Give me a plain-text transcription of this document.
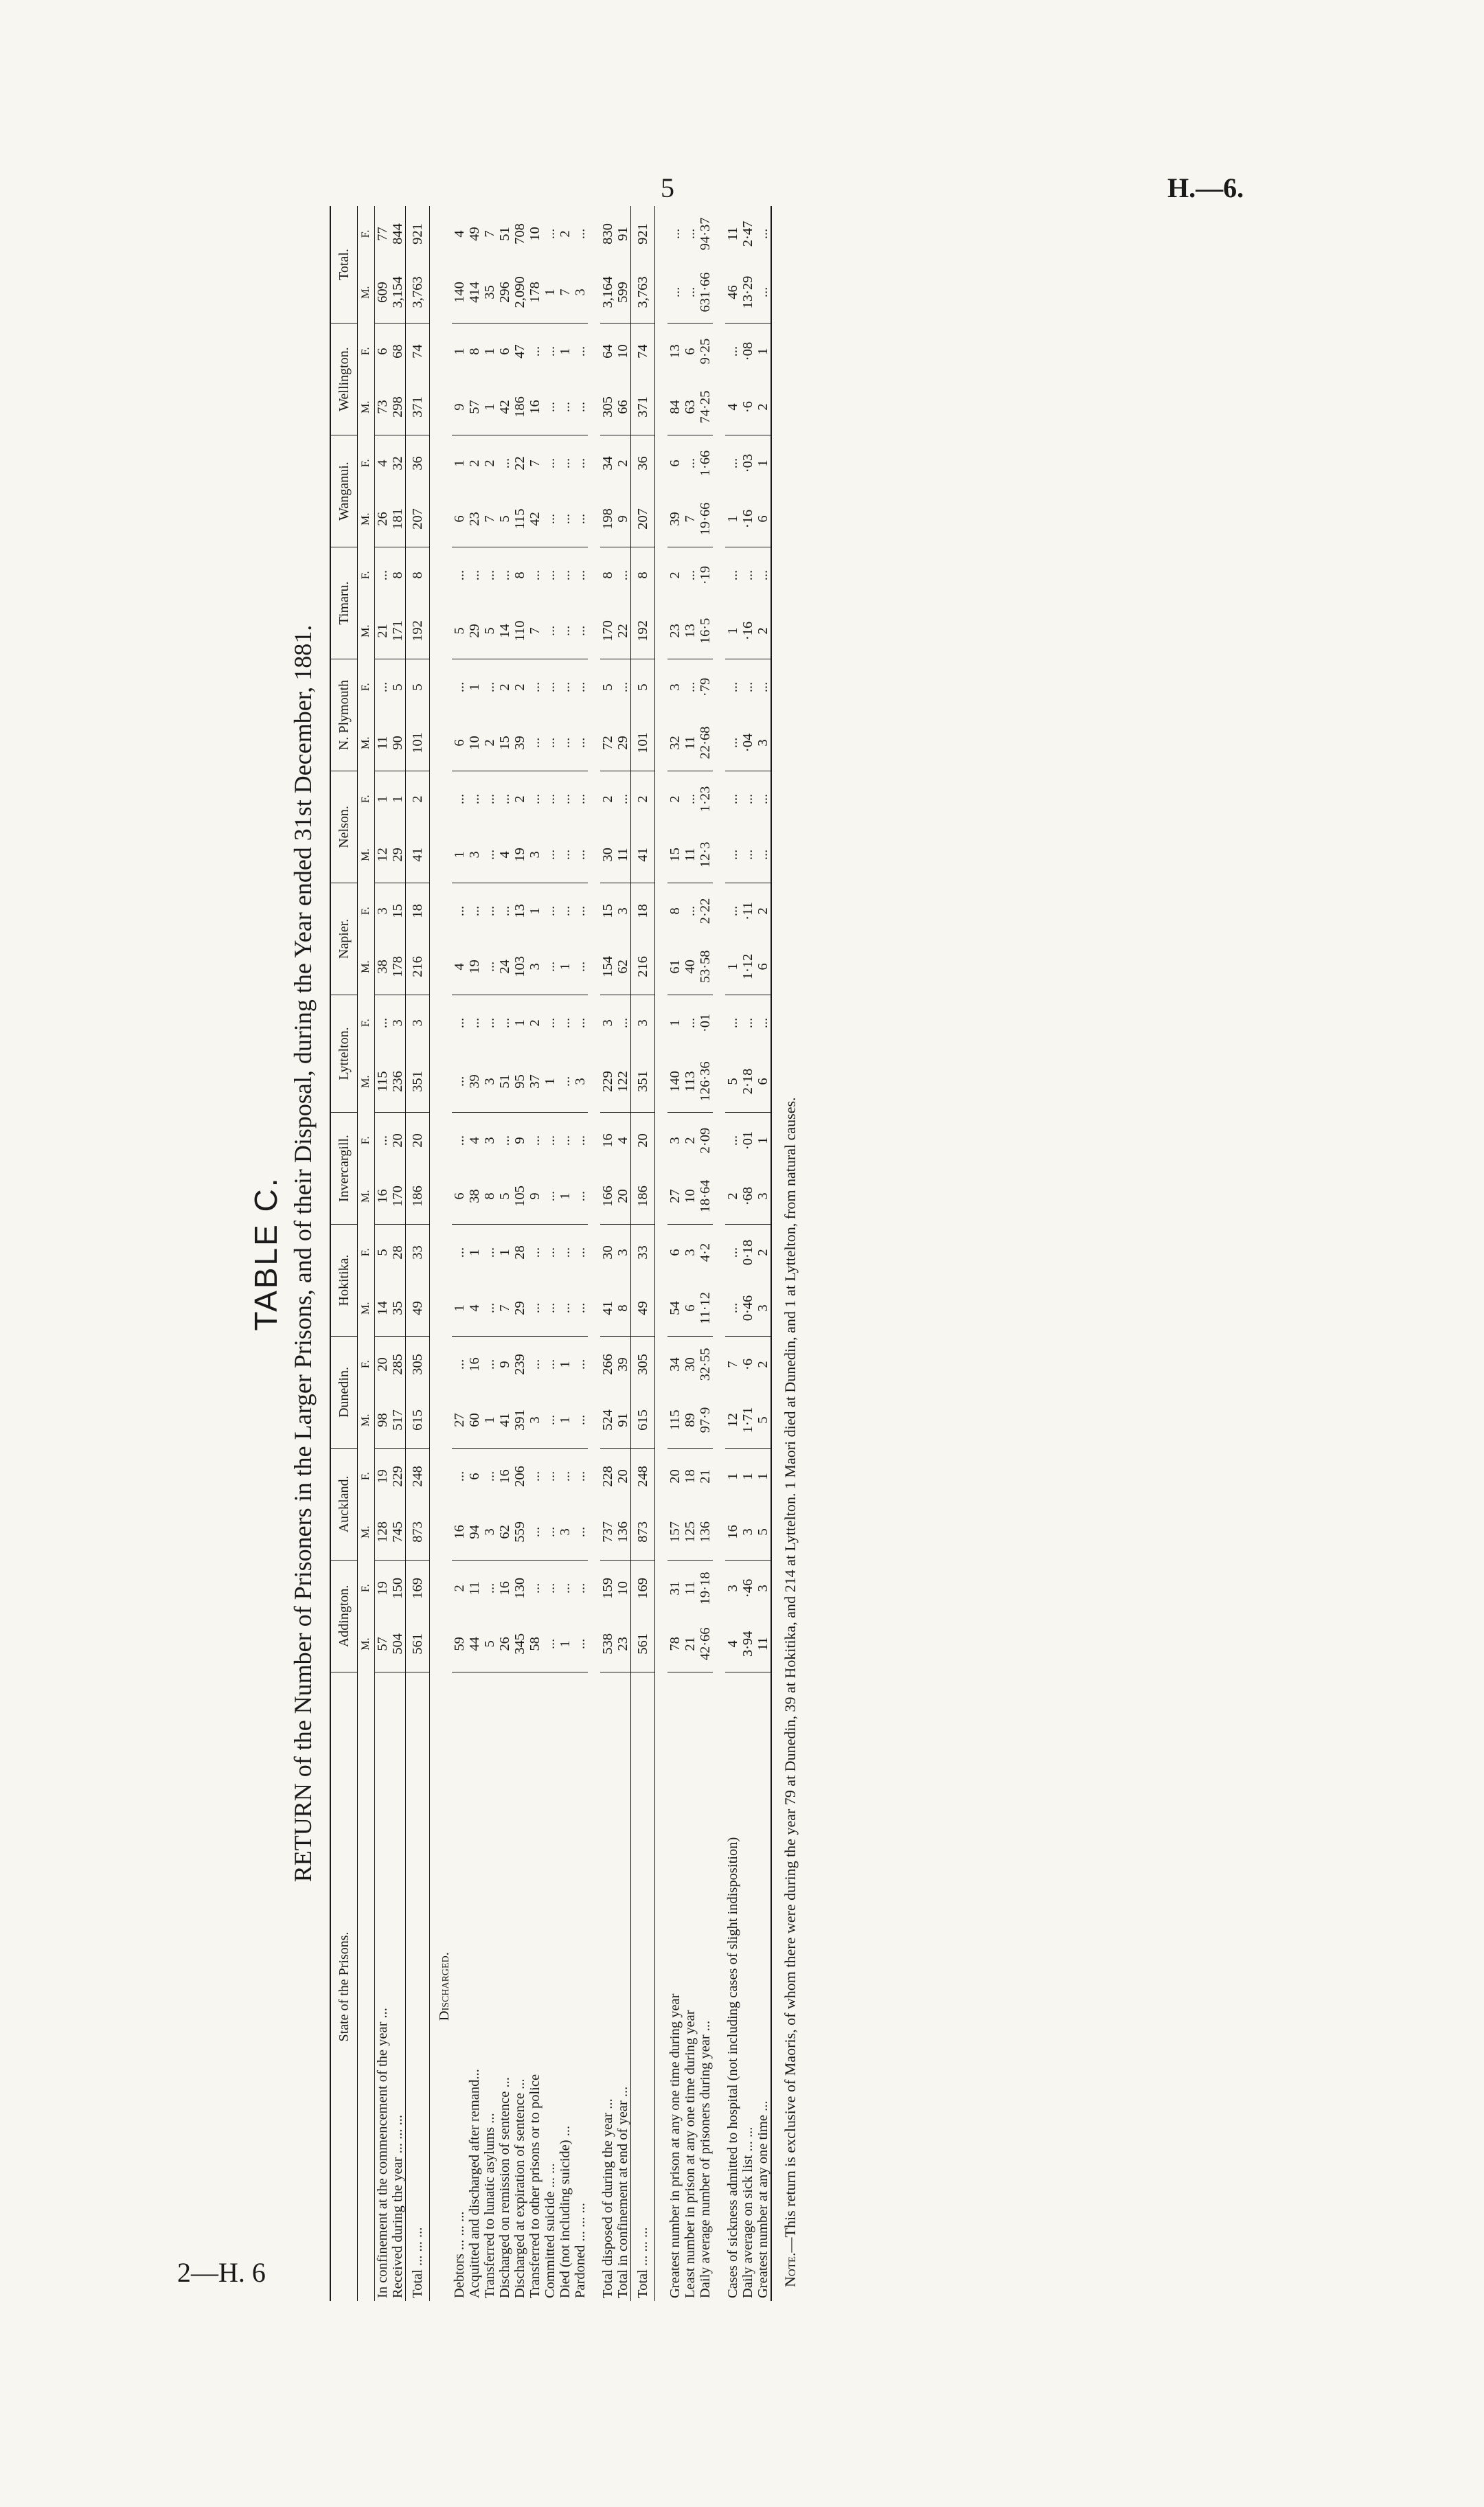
5	H.—6.
2—H. 6
TABLE C. RETURN of the Number of Prisoners in the Larger Prisons, and of their Disposal, during the Year ended 31st December, 1881.
State of the Prisons.	Addington.		Auckland.		Dunedin.		Hokitika.		Invercargill.		Lyttelton.		Napier.		Nelson.		N. Plymouth		Timaru.		Wanganui.		Wellington.		Total.	
	M.	F.	M.	F.	M.	F.	M.	F.	M.	F.	M.	F.	M.	F.	M.	F.	M.	F.	M.	F.	M.	F.	M.	F.	M.	F.
In confinement at the commencement of the year ...	57	19	128	19	98	20	14	5	16	...	115	...	38	3	12	1	11	...	21	...	26	4	73	6	609	77
Received during the year ... ... ...	504	150	745	229	517	285	35	28	170	20	236	3	178	15	29	1	90	5	171	8	181	32	298	68	3,154	844
Total ... ... ...	561	169	873	248	615	305	49	33	186	20	351	3	216	18	41	2	101	5	192	8	207	36	371	74	3,763	921
Discharged.																										
Debtors ... ... ...	59	2	16	...	27	...	1	...	6	...	...	...	4	...	1	...	6	...	5	...	6	1	9	1	140	4
Acquitted and discharged after remand...	44	11	94	6	60	16	4	1	38	4	39	...	19	...	3	...	10	1	29	...	23	2	57	8	414	49
Transferred to lunatic asylums ...	5	...	3	...	1	...	...	...	8	3	3	...	...	...	...	...	2	...	5	...	7	2	1	1	35	7
Discharged on remission of sentence ...	26	16	62	16	41	9	7	1	5	...	51	...	24	...	4	...	15	2	14	...	5	...	42	6	296	51
Discharged at expiration of sentence ...	345	130	559	206	391	239	29	28	105	9	95	1	103	13	19	2	39	2	110	8	115	22	186	47	2,090	708
Transferred to other prisons or to police	58	...	...	...	3	...	...	...	9	...	37	2	3	1	3	...	...	...	7	...	42	7	16	...	178	10
Committed suicide ... ...	...	...	...	...	...	...	...	...	...	...	1	...	...	...	...	...	...	...	...	...	...	...	...	...	1	...
Died (not including suicide) ...	1	...	3	...	1	1	...	...	1	...	...	...	1	...	...	...	...	...	...	...	...	...	...	1	7	2
Pardoned ... ... ...	...	...	...	...	...	...	...	...	...	...	3	...	...	...	...	...	...	...	...	...	...	...	...	...	3	...

Total disposed of during the year ...	538	159	737	228	524	266	41	30	166	16	229	3	154	15	30	2	72	5	170	8	198	34	305	64	3,164	830
Total in confinement at end of year ...	23	10	136	20	91	39	8	3	20	4	122	...	62	3	11	...	29	...	22	...	9	2	66	10	599	91
Total ... ... ...	561	169	873	248	615	305	49	33	186	20	351	3	216	18	41	2	101	5	192	8	207	36	371	74	3,763	921

Greatest number in prison at any one time during year	78	31	157	20	115	34	54	6	27	3	140	1	61	8	15	2	32	3	23	2	39	6	84	13	...	...
Least number in prison at any one time during year	21	11	125	18	89	30	6	3	10	2	113	...	40	...	11	...	11	...	13	...	7	...	63	6	...	...
Daily average number of prisoners during year ...	42·66	19·18	136	21	97·9	32·55	11·12	4·2	18·64	2·09	126·36	·01	53·58	2·22	12·3	1·23	22·68	·79	16·5	·19	19·66	1·66	74·25	9·25	631·66	94·37

Cases of sickness admitted to hospital (not including cases of slight indisposition)	4	3	16	1	12	7	...	...	2	...	5	...	1	...	...	...	...	...	1	...	1	...	4	...	46	11
Daily average on sick list ... ...	3·94	·46	3	1	1·71	·6	0·46	0·18	·68	·01	2·18	...	1·12	·11	...	...	·04	...	·16	...	·16	·03	·6	·08	13·29	2·47
Greatest number at any one time ...	11	3	5	1	5	2	3	2	3	1	6	...	6	2	...	...	3	...	2	...	6	1	2	1	...	...
Note.—This return is exclusive of Maoris, of whom there were during the year 79 at Dunedin, 39 at Hokitika, and 214 at Lyttelton. 1 Maori died at Dunedin, and 1 at Lyttelton, from natural causes.
